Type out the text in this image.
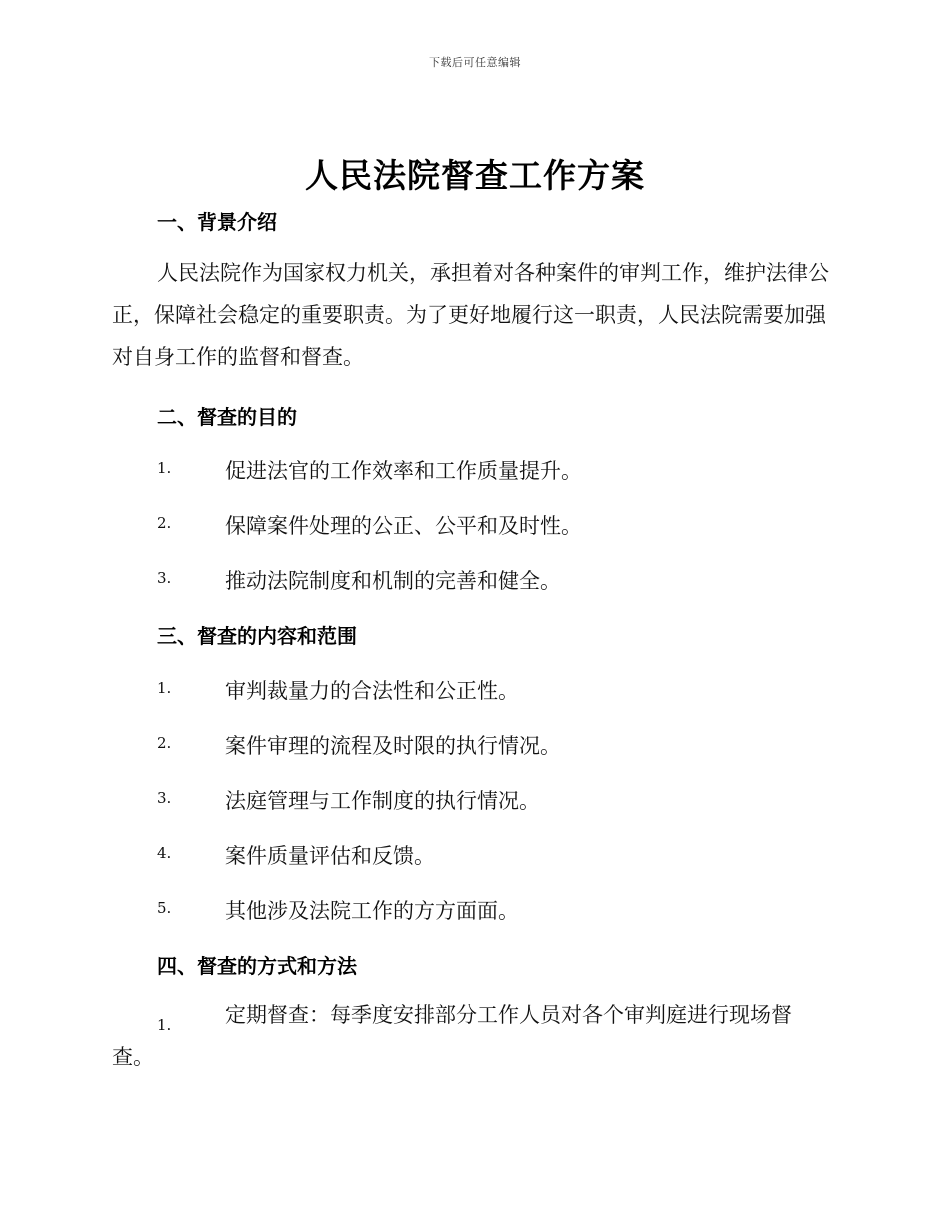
下载后可任意编辑
人民法院督查工作方案
一、背景介绍
人民法院作为国家权力机关，承担着对各种案件的审判工作，维护法律公正，保障社会稳定的重要职责。为了更好地履行这一职责，人民法院需要加强对自身工作的监督和督查。
二、督查的目的
1.	促进法官的工作效率和工作质量提升。
2.	保障案件处理的公正、公平和及时性。
3.	推动法院制度和机制的完善和健全。
三、督查的内容和范围
1.	审判裁量力的合法性和公正性。
2.	案件审理的流程及时限的执行情况。
3.	法庭管理与工作制度的执行情况。
4.	案件质量评估和反馈。
5.	其他涉及法院工作的方方面面。
四、督查的方式和方法
1.	定期督查：每季度安排部分工作人员对各个审判庭进行现场督
查。
